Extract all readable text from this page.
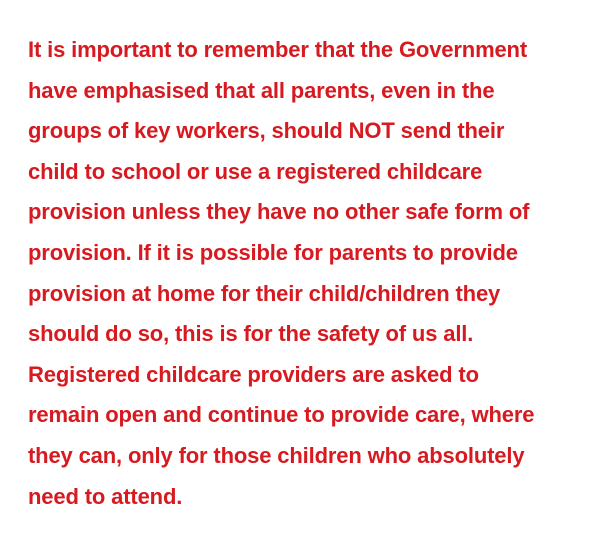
It is important to remember that the Government
have emphasised that all parents, even in the
groups of key workers, should NOT send their
child to school or use a registered childcare
provision unless they have no other safe form of
provision. If it is possible for parents to provide
provision at home for their child/children they
should do so, this is for the safety of us all.
Registered childcare providers are asked to
remain open and continue to provide care, where
they can, only for those children who absolutely
need to attend.
